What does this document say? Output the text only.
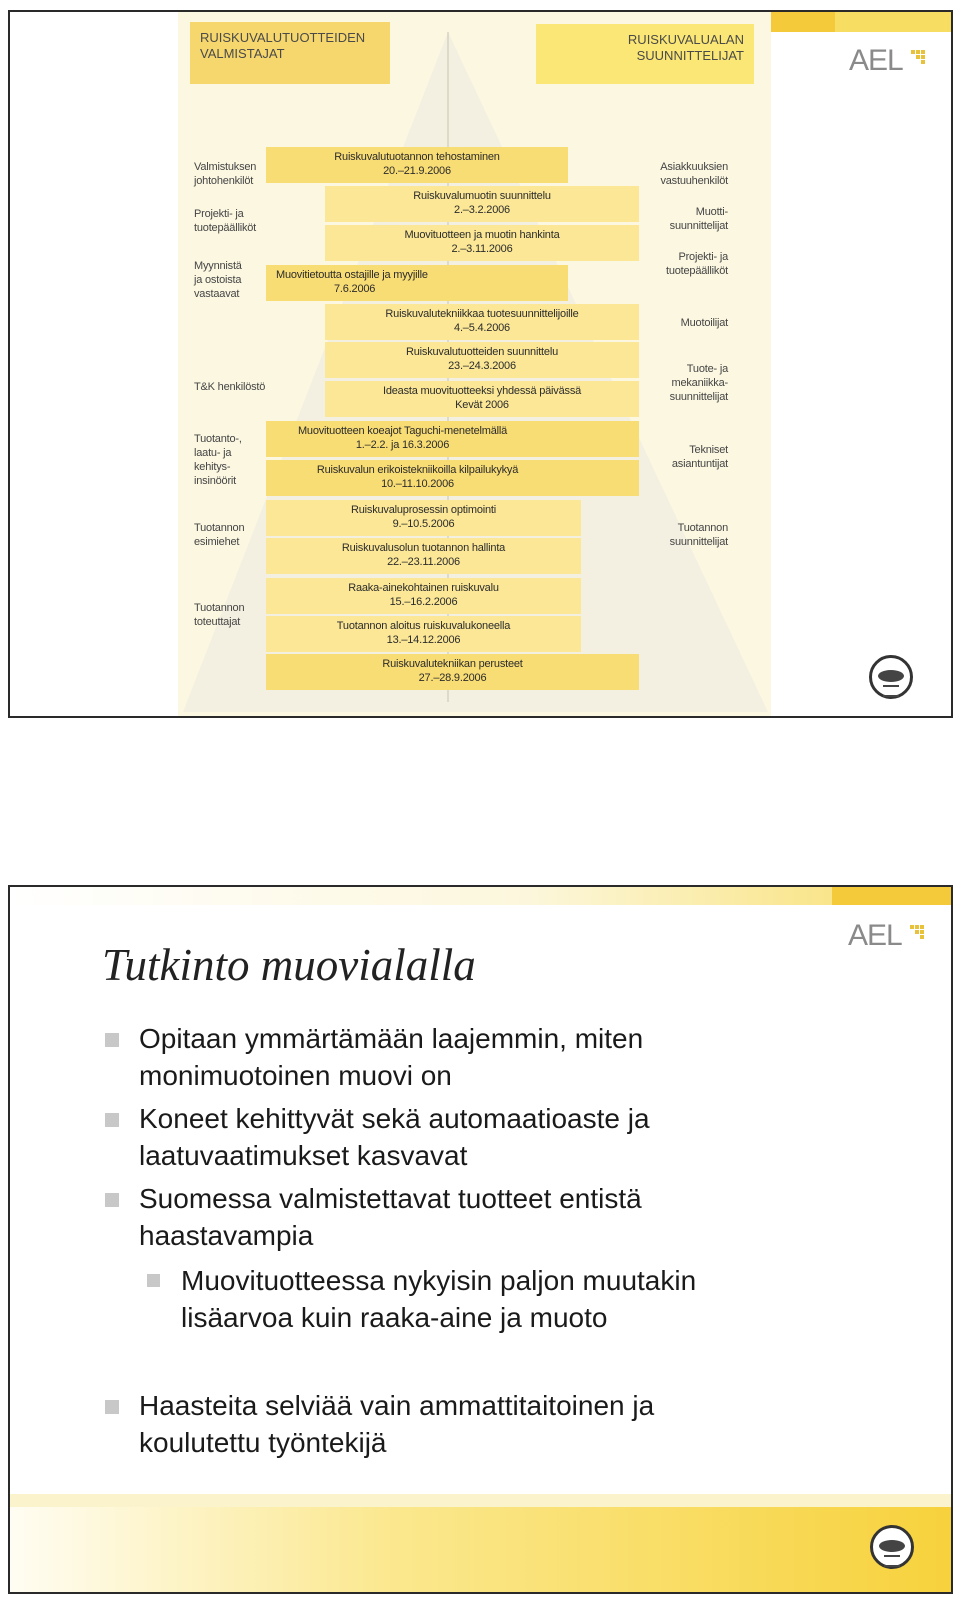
RUISKUVALUTUOTTEIDEN
VALMISTAJAT
RUISKUVALUALAN
SUUNNITTELIJAT
Ruiskuvalutuotannon tehostaminen
20.–21.9.2006
Ruiskuvalumuotin suunnittelu
2.–3.2.2006
Muovituotteen ja muotin hankinta
2.–3.11.2006
Muovitietoutta ostajille ja myyjille
7.6.2006
Ruiskuvalutekniikkaa tuotesuunnittelijoille
4.–5.4.2006
Ruiskuvalutuotteiden suunnittelu
23.–24.3.2006
Ideasta muovituotteeksi yhdessä päivässä
Kevät 2006
Muovituotteen koeajot Taguchi-menetelmällä
1.–2.2. ja 16.3.2006
Ruiskuvalun erikoistekniikoilla kilpailukykyä
10.–11.10.2006
Ruiskuvaluprosessin optimointi
9.–10.5.2006
Ruiskuvalusolun tuotannon hallinta
22.–23.11.2006
Raaka-ainekohtainen ruiskuvalu
15.–16.2.2006
Tuotannon aloitus ruiskuvalukoneella
13.–14.12.2006
Ruiskuvalutekniikan perusteet
27.–28.9.2006
Valmistuksen
johtohenkilöt
Projekti- ja
tuotepäälliköt
Myynnistä
ja ostoista
vastaavat
T&K henkilöstö
Tuotanto-,
laatu- ja
kehitys-
insinöörit
Tuotannon
esimiehet
Tuotannon
toteuttajat
Asiakkuuksien
vastuuhenkilöt
Muotti-
suunnittelijat
Projekti- ja
tuotepäälliköt
Muotoilijat
Tuote- ja
mekaniikka-
suunnittelijat
Tekniset
asiantuntijat
Tuotannon
suunnittelijat
AEL
AEL
Tutkinto muovialalla
Opitaan ymmärtämään laajemmin, miten
monimuotoinen muovi on
Koneet kehittyvät sekä automaatioaste ja
laatuvaatimukset kasvavat
Suomessa valmistettavat tuotteet entistä
haastavampia
Muovituotteessa nykyisin paljon muutakin
lisäarvoa kuin raaka-aine ja muoto
Haasteita selviää vain ammattitaitoinen ja
koulutettu työntekijä
